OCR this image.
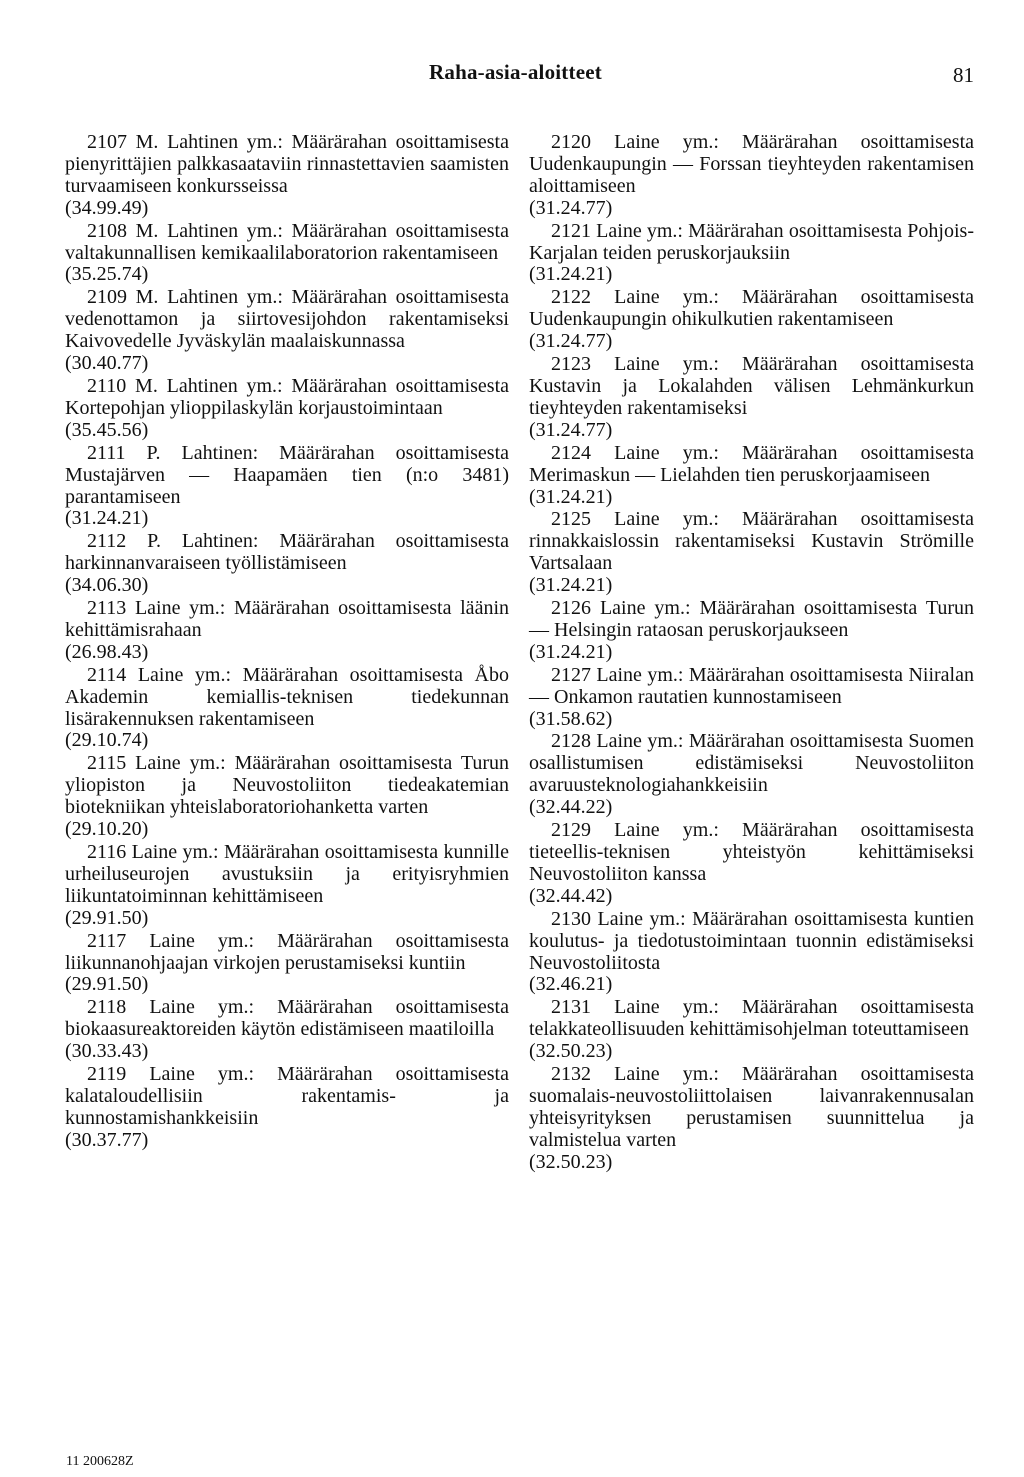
Raha-asia-aloitteet	81

2107 M. Lahtinen ym.: Määrärahan osoittamisesta pienyrittäjien palkkasaataviin rinnastettavien saamisten turvaamiseen konkursseissa

(34.99.49)

2108 M. Lahtinen ym.: Määrärahan osoittamisesta valtakunnallisen kemikaalilaboratorion rakentamiseen

(35.25.74)

2109 M. Lahtinen ym.: Määrärahan osoittamisesta vedenottamon ja siirtovesijohdon rakentamiseksi Kaivovedelle Jyväskylän maalaiskunnassa

(30.40.77)

2110 M. Lahtinen ym.: Määrärahan osoittamisesta Kortepohjan ylioppilaskylän korjaustoimintaan

(35.45.56)

2111 P. Lahtinen: Määrärahan osoittamisesta Mustajärven — Haapamäen tien (n:o 3481) parantamiseen

(31.24.21)

2112 P. Lahtinen: Määrärahan osoittamisesta harkinnanvaraiseen työllistämiseen

(34.06.30)

2113 Laine ym.: Määrärahan osoittamisesta läänin kehittämisrahaan

(26.98.43)

2114 Laine ym.: Määrärahan osoittamisesta Åbo Akademin kemiallis-teknisen tiedekunnan lisärakennuksen rakentamiseen

(29.10.74)

2115 Laine ym.: Määrärahan osoittamisesta Turun yliopiston ja Neuvostoliiton tiedeakatemian biotekniikan yhteislaboratoriohanketta varten

(29.10.20)

2116 Laine ym.: Määrärahan osoittamisesta kunnille urheiluseurojen avustuksiin ja erityisryhmien liikuntatoiminnan kehittämiseen

(29.91.50)

2117 Laine ym.: Määrärahan osoittamisesta liikunnanohjaajan virkojen perustamiseksi kuntiin

(29.91.50)

2118 Laine ym.: Määrärahan osoittamisesta biokaasureaktoreiden käytön edistämiseen maatiloilla

(30.33.43)

2119 Laine ym.: Määrärahan osoittamisesta kalataloudellisiin rakentamis- ja kunnostamishankkeisiin

(30.37.77)

2120 Laine ym.: Määrärahan osoittamisesta Uudenkaupungin — Forssan tieyhteyden rakentamisen aloittamiseen

(31.24.77)

2121 Laine ym.: Määrärahan osoittamisesta Pohjois-Karjalan teiden peruskorjauksiin

(31.24.21)

2122 Laine ym.: Määrärahan osoittamisesta Uudenkaupungin ohikulkutien rakentamiseen

(31.24.77)

2123 Laine ym.: Määrärahan osoittamisesta Kustavin ja Lokalahden välisen Lehmänkurkun tieyhteyden rakentamiseksi

(31.24.77)

2124 Laine ym.: Määrärahan osoittamisesta Merimaskun — Lielahden tien peruskorjaamiseen

(31.24.21)

2125 Laine ym.: Määrärahan osoittamisesta rinnakkaislossin rakentamiseksi Kustavin Strömille Vartsalaan

(31.24.21)

2126 Laine ym.: Määrärahan osoittamisesta Turun — Helsingin rataosan peruskorjaukseen

(31.24.21)

2127 Laine ym.: Määrärahan osoittamisesta Niiralan — Onkamon rautatien kunnostamiseen

(31.58.62)

2128 Laine ym.: Määrärahan osoittamisesta Suomen osallistumisen edistämiseksi Neuvostoliiton avaruusteknologiahankkeisiin

(32.44.22)

2129 Laine ym.: Määrärahan osoittamisesta tieteellis-teknisen yhteistyön kehittämiseksi Neuvostoliiton kanssa

(32.44.42)

2130 Laine ym.: Määrärahan osoittamisesta kuntien koulutus- ja tiedotustoimintaan tuonnin edistämiseksi Neuvostoliitosta

(32.46.21)

2131 Laine ym.: Määrärahan osoittamisesta telakkateollisuuden kehittämisohjelman toteuttamiseen

(32.50.23)

2132 Laine ym.: Määrärahan osoittamisesta suomalais-neuvostoliittolaisen laivanrakennusalan yhteisyrityksen perustamisen suunnittelua ja valmistelua varten

(32.50.23)

11 200628Z
